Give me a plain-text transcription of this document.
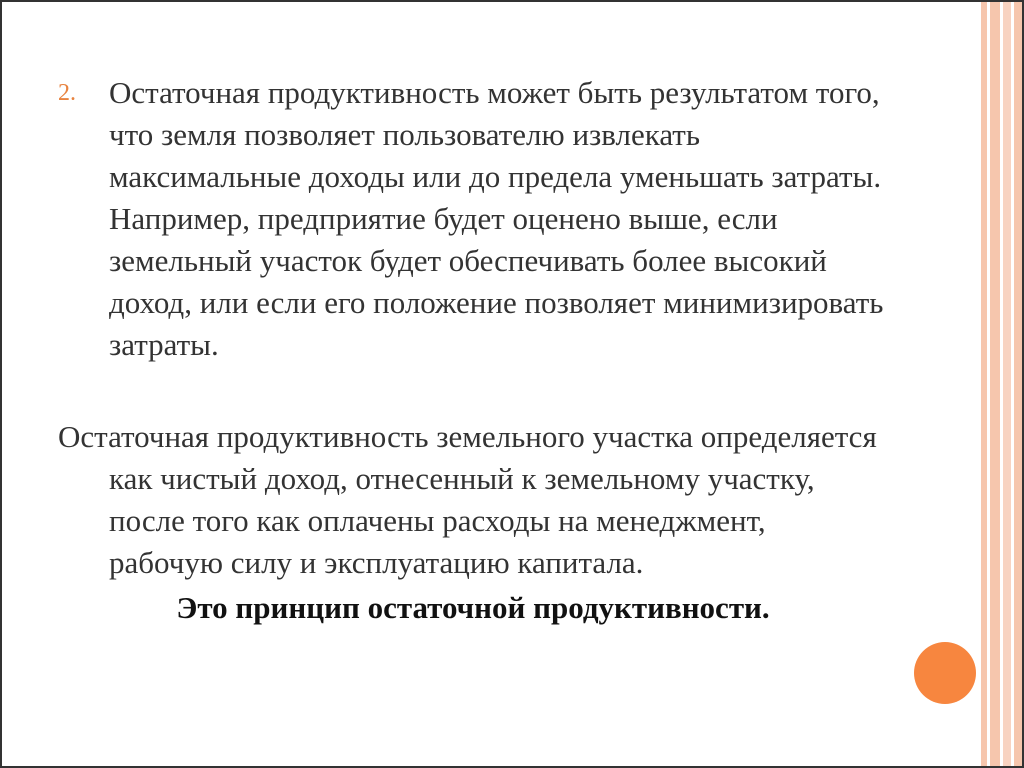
2. Остаточная продуктивность может быть результатом того,
что земля позволяет пользователю извлекать
максимальные доходы или до предела уменьшать затраты.
Например, предприятие будет оценено выше, если
земельный участок будет обеспечивать более высокий
доход, или если его положение позволяет минимизировать
затраты.
Остаточная продуктивность земельного участка определяется
как чистый доход, отнесенный к земельному участку,
после того как оплачены расходы на менеджмент,
рабочую силу и эксплуатацию капитала.
Это принцип остаточной продуктивности.
